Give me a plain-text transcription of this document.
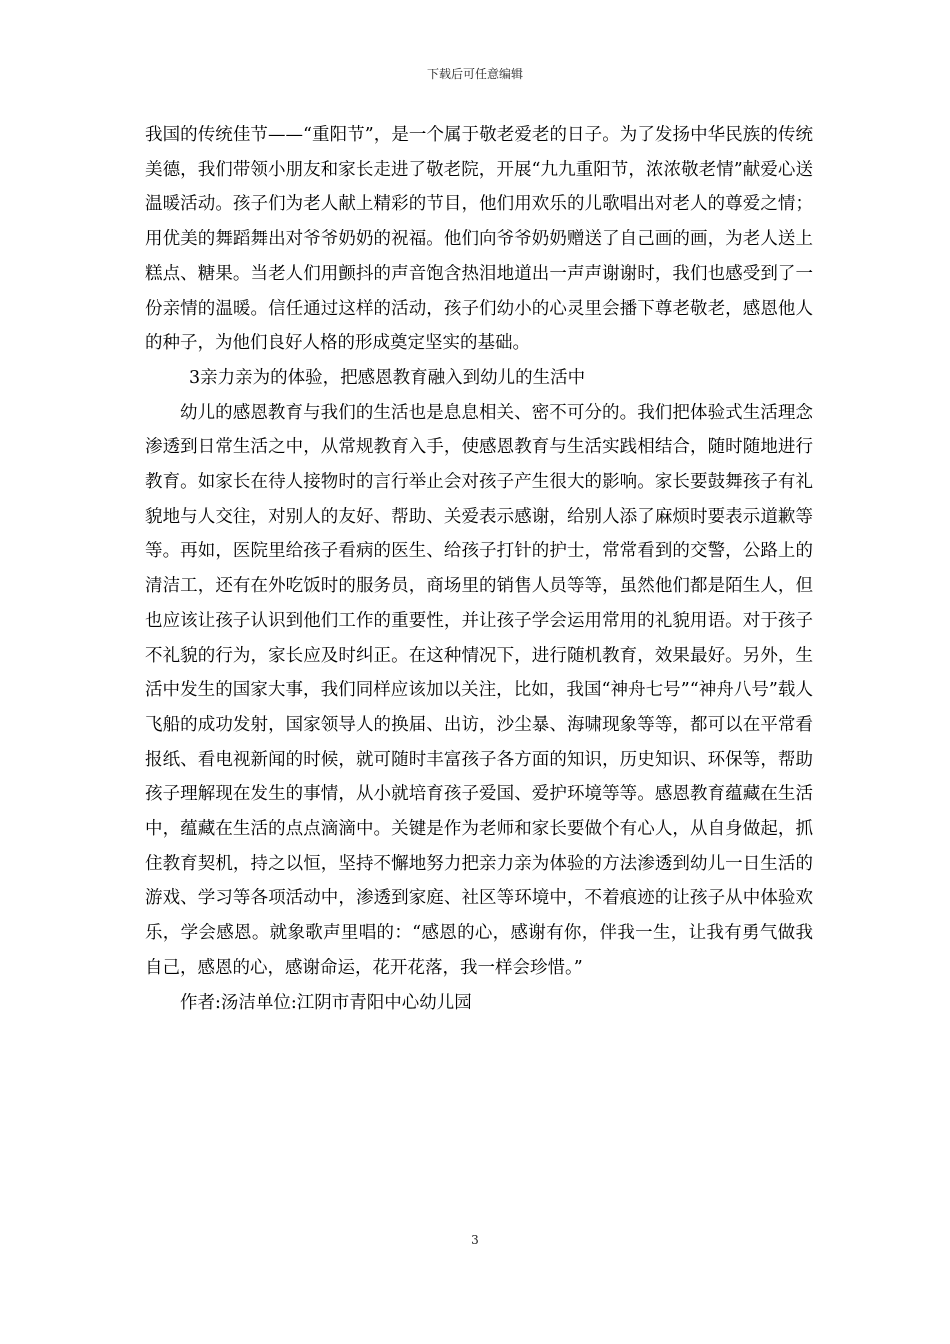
下载后可任意编辑

我国的传统佳节——“重阳节”，是一个属于敬老爱老的日子。为了发扬中华民族的传统美德，我们带领小朋友和家长走进了敬老院，开展“九九重阳节，浓浓敬老情”献爱心送温暖活动。孩子们为老人献上精彩的节目，他们用欢乐的儿歌唱出对老人的尊爱之情；用优美的舞蹈舞出对爷爷奶奶的祝福。他们向爷爷奶奶赠送了自己画的画，为老人送上糕点、糖果。当老人们用颤抖的声音饱含热泪地道出一声声谢谢时，我们也感受到了一份亲情的温暖。信任通过这样的活动，孩子们幼小的心灵里会播下尊老敬老，感恩他人的种子，为他们良好人格的形成奠定坚实的基础。

3亲力亲为的体验，把感恩教育融入到幼儿的生活中

幼儿的感恩教育与我们的生活也是息息相关、密不可分的。我们把体验式生活理念渗透到日常生活之中，从常规教育入手，使感恩教育与生活实践相结合，随时随地进行教育。如家长在待人接物时的言行举止会对孩子产生很大的影响。家长要鼓舞孩子有礼貌地与人交往，对别人的友好、帮助、关爱表示感谢，给别人添了麻烦时要表示道歉等等。再如，医院里给孩子看病的医生、给孩子打针的护士，常常看到的交警，公路上的清洁工，还有在外吃饭时的服务员，商场里的销售人员等等，虽然他们都是陌生人，但也应该让孩子认识到他们工作的重要性，并让孩子学会运用常用的礼貌用语。对于孩子不礼貌的行为，家长应及时纠正。在这种情况下，进行随机教育，效果最好。另外，生活中发生的国家大事，我们同样应该加以关注，比如，我国“神舟七号”“神舟八号”载人飞船的成功发射，国家领导人的换届、出访，沙尘暴、海啸现象等等，都可以在平常看报纸、看电视新闻的时候，就可随时丰富孩子各方面的知识，历史知识、环保等，帮助孩子理解现在发生的事情，从小就培育孩子爱国、爱护环境等等。感恩教育蕴藏在生活中，蕴藏在生活的点点滴滴中。关键是作为老师和家长要做个有心人，从自身做起，抓住教育契机，持之以恒，坚持不懈地努力把亲力亲为体验的方法渗透到幼儿一日生活的游戏、学习等各项活动中，渗透到家庭、社区等环境中，不着痕迹的让孩子从中体验欢乐，学会感恩。就象歌声里唱的：“感恩的心，感谢有你，伴我一生，让我有勇气做我自己，感恩的心，感谢命运，花开花落，我一样会珍惜。”

作者:汤洁单位:江阴市青阳中心幼儿园

3
